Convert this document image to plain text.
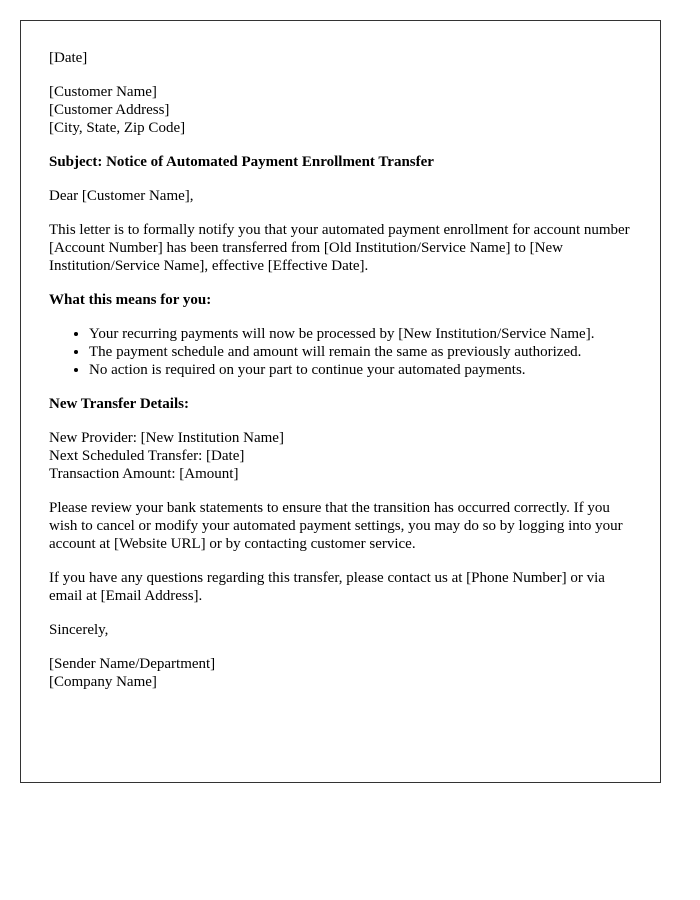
[Date]

[Customer Name]
[Customer Address]
[City, State, Zip Code]

Subject: Notice of Automated Payment Enrollment Transfer

Dear [Customer Name],

This letter is to formally notify you that your automated payment enrollment for account number [Account Number] has been transferred from [Old Institution/Service Name] to [New Institution/Service Name], effective [Effective Date].

What this means for you:

• Your recurring payments will now be processed by [New Institution/Service Name].
• The payment schedule and amount will remain the same as previously authorized.
• No action is required on your part to continue your automated payments.

New Transfer Details:

New Provider: [New Institution Name]
Next Scheduled Transfer: [Date]
Transaction Amount: [Amount]

Please review your bank statements to ensure that the transition has occurred correctly. If you wish to cancel or modify your automated payment settings, you may do so by logging into your account at [Website URL] or by contacting customer service.

If you have any questions regarding this transfer, please contact us at [Phone Number] or via email at [Email Address].

Sincerely,

[Sender Name/Department]
[Company Name]
